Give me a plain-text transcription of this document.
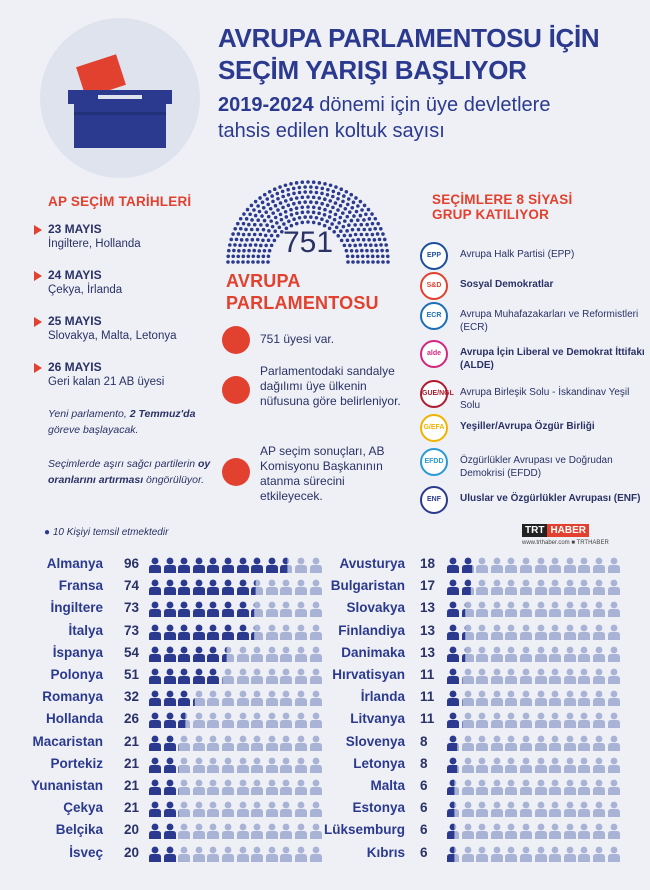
AVRUPA PARLAMENTOSU İÇİN
SEÇİM YARIŞI BAŞLIYOR
2019-2024 dönemi için üye devletlere
tahsis edilen koltuk sayısı
AP SEÇİM TARİHLERİ
23 MAYIS
İngiltere, Hollanda
24 MAYIS
Çekya, İrlanda
25 MAYIS
Slovakya, Malta, Letonya
26 MAYIS
Geri kalan 21 AB üyesi
Yeni parlamento, 2 Temmuz'da göreve başlayacak.
Seçimlerde aşırı sağcı partilerin oy oranlarını artırması öngörülüyor.
751
AVRUPA
PARLAMENTOSU
751 üyesi var.
Parlamentodaki sandalye dağılımı üye ülkenin nüfusuna göre belirleniyor.
AP seçim sonuçları, AB Komisyonu Başkanının atanma sürecini etkileyecek.
SEÇİMLERE 8 SİYASİ
GRUP KATILIYOR
EPP	Avrupa Halk Partisi (EPP)
S&D	Sosyal Demokratlar
ECR	Avrupa Muhafazakarları ve Reformistleri (ECR)
alde	Avrupa İçin Liberal ve Demokrat İttifakı (ALDE)
GUE/NGL Avrupa Birleşik Solu - İskandinav Yeşil Solu
G/EFA	Yeşiller/Avrupa Özgür Birliği
EFDD	Özgürlükler Avrupası ve Doğrudan Demokrisi (EFDD)
ENF	Uluslar ve Özgürlükler Avrupası (ENF)
● 10 Kişiyi temsil etmektedir	TRT HABER
www.trthaber.com ■ TRTHABER
Almanya 96
Fransa 74
İngiltere 73
İtalya 73
İspanya 54
Polonya 51
Romanya 32
Hollanda 26
Macaristan 21
Portekiz 21
Yunanistan 21
Çekya 21
Belçika 20
İsveç 20
Avusturya 18
Bulgaristan 17
Slovakya 13
Finlandiya 13
Danimaka 13
Hırvatisyan 11
İrlanda 11
Litvanya 11
Slovenya 8
Letonya 8
Malta 6
Estonya 6
Lüksemburg 6
Kıbrıs 6
